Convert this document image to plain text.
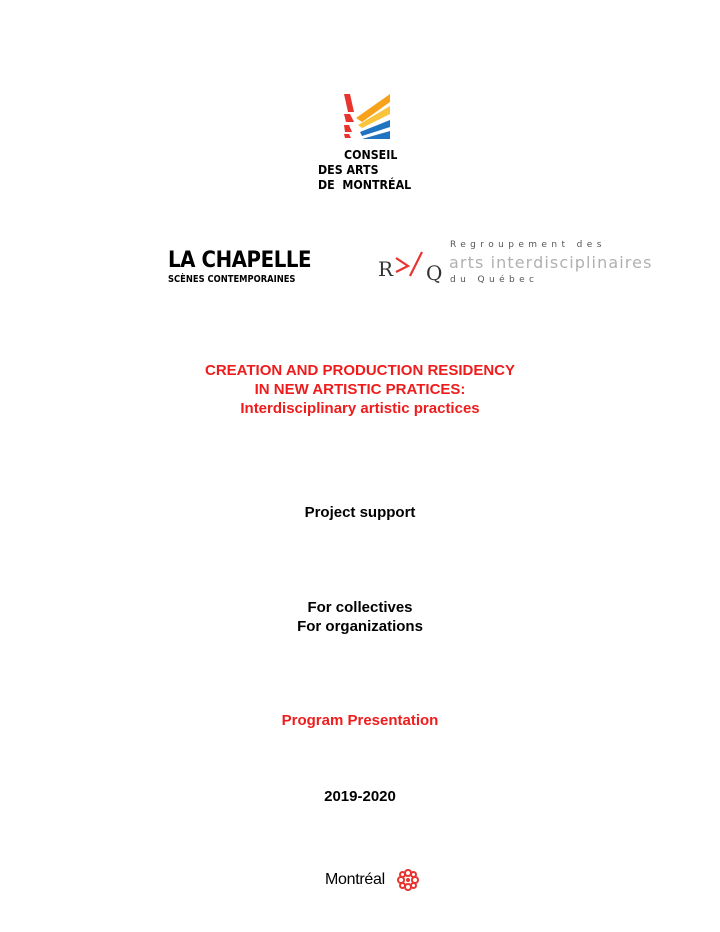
CONSEIL
DES ARTS
DE  MONTRÉAL
LA CHAPELLE
SCÈNES CONTEMPORAINES	R Q
Regroupement des
arts interdisciplinaires
du Québec
CREATION AND PRODUCTION RESIDENCY
IN NEW ARTISTIC PRATICES:
Interdisciplinary artistic practices
Project support
For collectives
For organizations
Program Presentation
2019-2020
Montréal
